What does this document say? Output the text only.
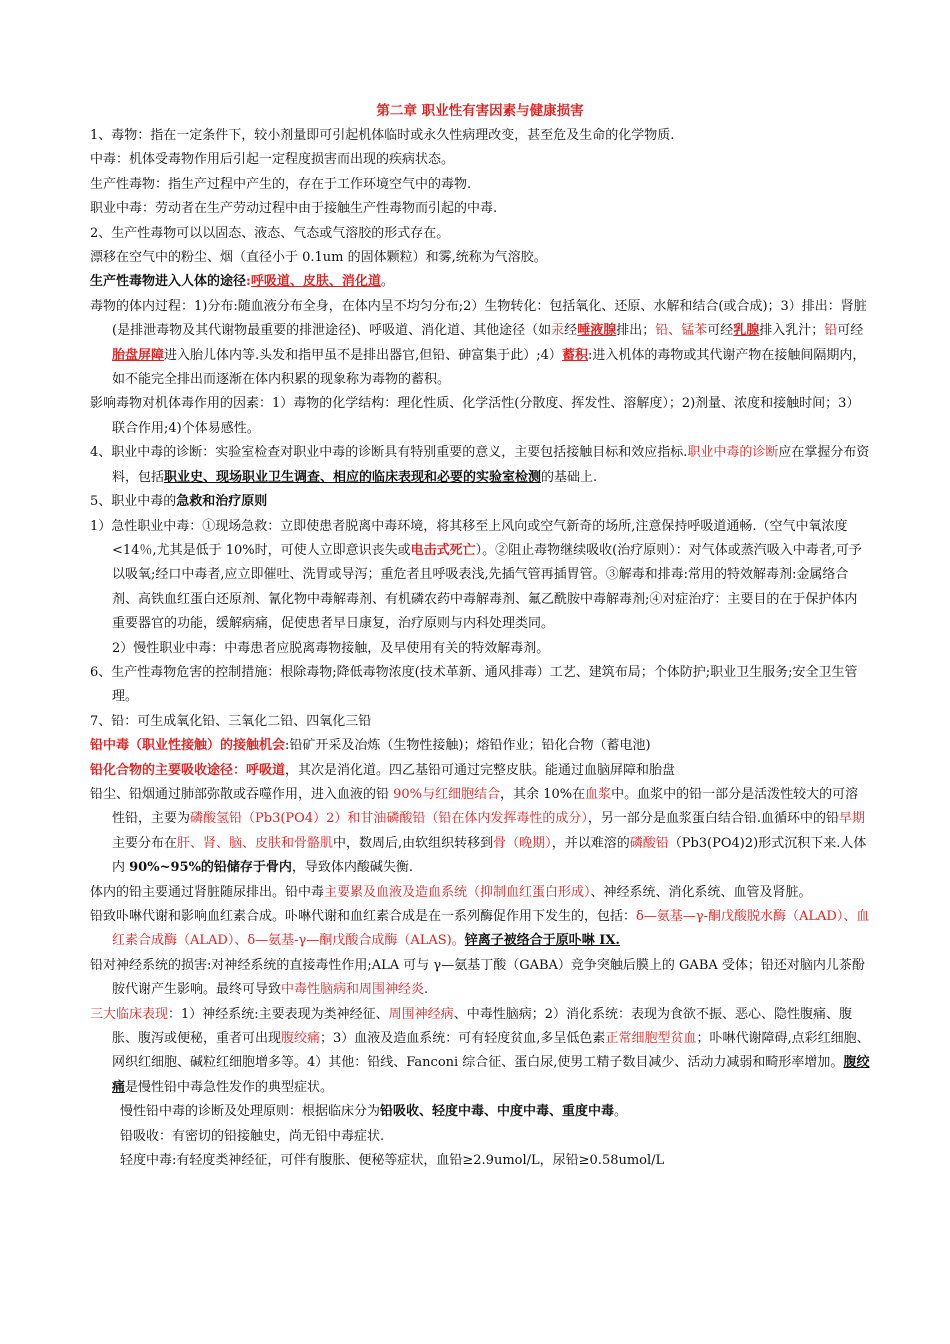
第二章 职业性有害因素与健康损害

1、毒物：指在一定条件下，较小剂量即可引起机体临时或永久性病理改变，甚至危及生命的化学物质.

中毒：机体受毒物作用后引起一定程度损害而出现的疾病状态。

生产性毒物：指生产过程中产生的，存在于工作环境空气中的毒物.

职业中毒：劳动者在生产劳动过程中由于接触生产性毒物而引起的中毒.

2、生产性毒物可以以固态、液态、气态或气溶胶的形式存在。

漂移在空气中的粉尘、烟（直径小于 0.1um 的固体颗粒）和雾,统称为气溶胶。

生产性毒物进入人体的途径:呼吸道、皮肤、消化道。

毒物的体内过程：1)分布:随血液分布全身，在体内呈不均匀分布;2）生物转化：包括氧化、还原、水解和结合(或合成)；3）排出：肾脏(是排泄毒物及其代谢物最重要的排泄途径)、呼吸道、消化道、其他途径（如汞经唾液腺排出；铅、锰苯可经乳腺排入乳汁；铅可经胎盘屏障进入胎儿体内等.头发和指甲虽不是排出器官,但铅、砷富集于此）;4）蓄积:进入机体的毒物或其代谢产物在接触间隔期内，如不能完全排出而逐渐在体内积累的现象称为毒物的蓄积。

影响毒物对机体毒作用的因素：1）毒物的化学结构：理化性质、化学活性(分散度、挥发性、溶解度）；2)剂量、浓度和接触时间；3）联合作用;4)个体易感性。

4、职业中毒的诊断：实验室检查对职业中毒的诊断具有特别重要的意义，主要包括接触目标和效应指标.职业中毒的诊断应在掌握分布资料，包括职业史、现场职业卫生调查、相应的临床表现和必要的实验室检测的基础上.

5、职业中毒的急救和治疗原则

1）急性职业中毒：①现场急救：立即使患者脱离中毒环境，将其移至上风向或空气新奇的场所,注意保持呼吸道通畅.（空气中氧浓度<14％,尤其是低于 10%时，可使人立即意识丧失或电击式死亡）。②阻止毒物继续吸收(治疗原则）：对气体或蒸汽吸入中毒者,可予以吸氧;经口中毒者,应立即催吐、洗胃或导泻；重危者且呼吸表浅,先插气管再插胃管。③解毒和排毒:常用的特效解毒剂:金属络合剂、高铁血红蛋白还原剂、氰化物中毒解毒剂、有机磷农药中毒解毒剂、氟乙酰胺中毒解毒剂;④对症治疗：主要目的在于保护体内重要器官的功能，缓解病痛，促使患者早日康复，治疗原则与内科处理类同。

2）慢性职业中毒：中毒患者应脱离毒物接触，及早使用有关的特效解毒剂。

6、生产性毒物危害的控制措施：根除毒物;降低毒物浓度(技术革新、通风排毒）工艺、建筑布局；个体防护;职业卫生服务;安全卫生管理。

7、铅：可生成氧化铅、三氧化二铅、四氧化三铅

铅中毒（职业性接触）的接触机会:铅矿开采及冶炼（生物性接触)；熔铅作业；铅化合物（蓄电池)

铅化合物的主要吸收途径：呼吸道，其次是消化道。四乙基铅可通过完整皮肤。能通过血脑屏障和胎盘

铅尘、铅烟通过肺部弥散或吞噬作用，进入血液的铅 90%与红细胞结合，其余 10%在血浆中。血浆中的铅一部分是活泼性较大的可溶性铅，主要为磷酸氢铅（Pb3(PO4）2）和甘油磷酸铅（铅在体内发挥毒性的成分），另一部分是血浆蛋白结合铅.血循环中的铅早期主要分布在肝、肾、脑、皮肤和骨骼肌中，数周后,由软组织转移到骨（晚期），并以难溶的磷酸铅（Pb3(PO4)2)形式沉积下来.人体内 90%~95%的铅储存于骨内，导致体内酸碱失衡.

体内的铅主要通过肾脏随尿排出。铅中毒主要累及血液及造血系统（抑制血红蛋白形成）、神经系统、消化系统、血管及肾脏。

铅致卟啉代谢和影响血红素合成。卟啉代谢和血红素合成是在一系列酶促作用下发生的，包括：δ—氨基—γ-酮戊酸脱水酶（ALAD）、血红素合成酶（ALAD）、δ—氨基-γ—酮戊酸合成酶（ALAS)。锌离子被络合于原卟啉 IX.

铅对神经系统的损害:对神经系统的直接毒性作用;ALA 可与 γ—氨基丁酸（GABA）竞争突触后膜上的 GABA 受体；铅还对脑内儿茶酚胺代谢产生影响。最终可导致中毒性脑病和周围神经炎.

三大临床表现：1）神经系统:主要表现为类神经征、周围神经病、中毒性脑病；2）消化系统：表现为食欲不振、恶心、隐性腹痛、腹胀、腹泻或便秘，重者可出现腹绞痛；3）血液及造血系统：可有轻度贫血,多呈低色素正常细胞型贫血；卟啉代谢障碍,点彩红细胞、网织红细胞、碱粒红细胞增多等。4）其他：铅线、Fanconi 综合征、蛋白尿,使男工精子数目减少、活动力减弱和畸形率增加。腹绞痛是慢性铅中毒急性发作的典型症状。

慢性铅中毒的诊断及处理原则：根据临床分为铅吸收、轻度中毒、中度中毒、重度中毒。

铅吸收：有密切的铅接触史，尚无铅中毒症状.

轻度中毒:有轻度类神经征，可伴有腹胀、便秘等症状，血铅≥2.9umol/L，尿铅≥0.58umol/L
